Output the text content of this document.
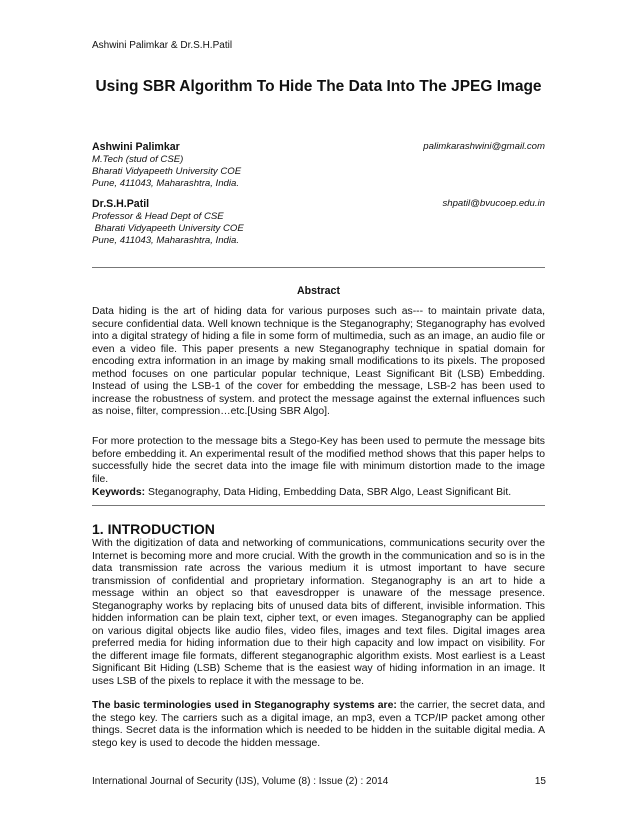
Ashwini Palimkar & Dr.S.H.Patil
Using SBR Algorithm To Hide The Data Into The JPEG Image
Ashwini Palimkar
M.Tech (stud of CSE)
Bharati Vidyapeeth University COE
Pune, 411043, Maharashtra, India.
palimkarashwini@gmail.com
Dr.S.H.Patil
Professor & Head Dept of CSE
Bharati Vidyapeeth University COE
Pune, 411043, Maharashtra, India.
shpatil@bvucoep.edu.in
Abstract

Data hiding is the art of hiding data for various purposes such as--- to maintain private data, secure confidential data. Well known technique is the Steganography; Steganography has evolved into a digital strategy of hiding a file in some form of multimedia, such as an image, an audio file or even a video file. This paper presents a new Steganography technique in spatial domain for encoding extra information in an image by making small modifications to its pixels. The proposed method focuses on one particular popular technique, Least Significant Bit (LSB) Embedding. Instead of using the LSB-1 of the cover for embedding the message, LSB-2 has been used to increase the robustness of system. and protect the message against the external influences such as noise, filter, compression…etc.[Using SBR Algo].

For more protection to the message bits a Stego-Key has been used to permute the message bits before embedding it. An experimental result of the modified method shows that this paper helps to successfully hide the secret data into the image file with minimum distortion made to the image file.

Keywords: Steganography, Data Hiding, Embedding Data, SBR Algo, Least Significant Bit.

1. INTRODUCTION

With the digitization of data and networking of communications, communications security over the Internet is becoming more and more crucial. With the growth in the communication and so is in the data transmission rate across the various medium it is utmost important to have secure transmission of confidential and proprietary information. Steganography is an art to hide a message within an object so that eavesdropper is unaware of the message presence. Steganography works by replacing bits of unused data bits of different, invisible information. This hidden information can be plain text, cipher text, or even images. Steganography can be applied on various digital objects like audio files, video files, images and text files. Digital images area preferred media for hiding information due to their high capacity and low impact on visibility. For the different image file formats, different steganographic algorithm exists. Most earliest is a Least Significant Bit Hiding (LSB) Scheme that is the easiest way of hiding information in an image. It uses LSB of the pixels to replace it with the message to be.

The basic terminologies used in Steganography systems are: the carrier, the secret data, and the stego key. The carriers such as a digital image, an mp3, even a TCP/IP packet among other things. Secret data is the information which is needed to be hidden in the suitable digital media. A stego key is used to decode the hidden message.

International Journal of Security (IJS), Volume (8) : Issue (2) : 2014	15
